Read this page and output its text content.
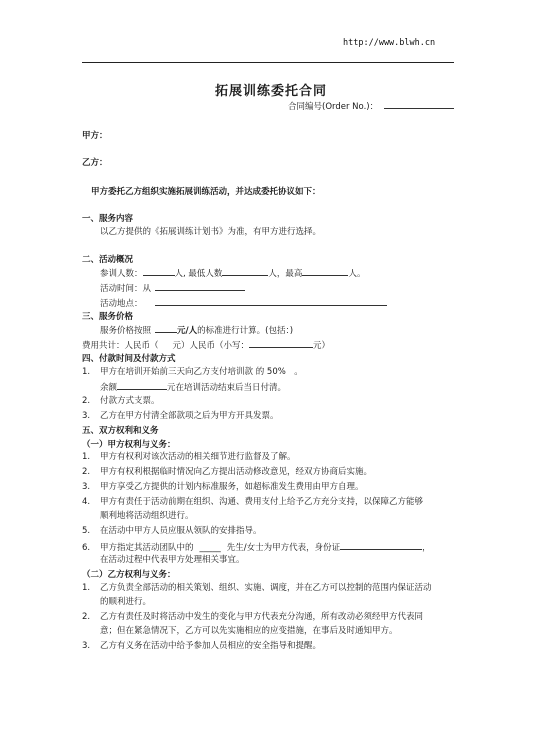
http://www.blwh.cn
拓展训练委托合同
合同编号(Order No.)：
甲方：
乙方：
甲方委托乙方组织实施拓展训练活动，并达成委托协议如下：
一、服务内容
以乙方提供的《拓展训练计划书》为准，有甲方进行选择。
二、活动概况
参训人数：	人, 最低人数	人，最高	人。
活动时间：从
活动地点：
三、服务价格
服务价格按照	元/人的标准进行计算。(包括：)
费用共计：人民币（ 元）人民币（小写：	元）
四、付款时间及付款方式
1. 甲方在培训开始前三天向乙方支付培训款 的 50%　。
余额	元在培训活动结束后当日付清。
2. 付款方式支票。
3. 乙方在甲方付清全部款项之后为甲方开具发票。
五、双方权利和义务
（一）甲方权利与义务：
1. 甲方有权利对该次活动的相关细节进行监督及了解。
2. 甲方有权利根据临时情况向乙方提出活动修改意见，经双方协商后实施。
3. 甲方享受乙方提供的计划内标准服务，如超标准发生费用由甲方自理。
4. 甲方有责任于活动前期在组织、沟通、费用支付上给予乙方充分支持，以保障乙方能够
顺利地将活动组织进行。
5. 在活动中甲方人员应服从领队的安排指导。
6. 甲方指定其活动团队中的 _____ 先生/女士为甲方代表，身份证	，
在活动过程中代表甲方处理相关事宜。
（二）乙方权利与义务：
1. 乙方负责全部活动的相关策划、组织、实施、调度，并在乙方可以控制的范围内保证活动
的顺利进行。
2. 乙方有责任及时将活动中发生的变化与甲方代表充分沟通，所有改动必须经甲方代表同
意；但在紧急情况下，乙方可以先实施相应的应变措施，在事后及时通知甲方。
3. 乙方有义务在活动中给予参加人员相应的安全指导和提醒。
